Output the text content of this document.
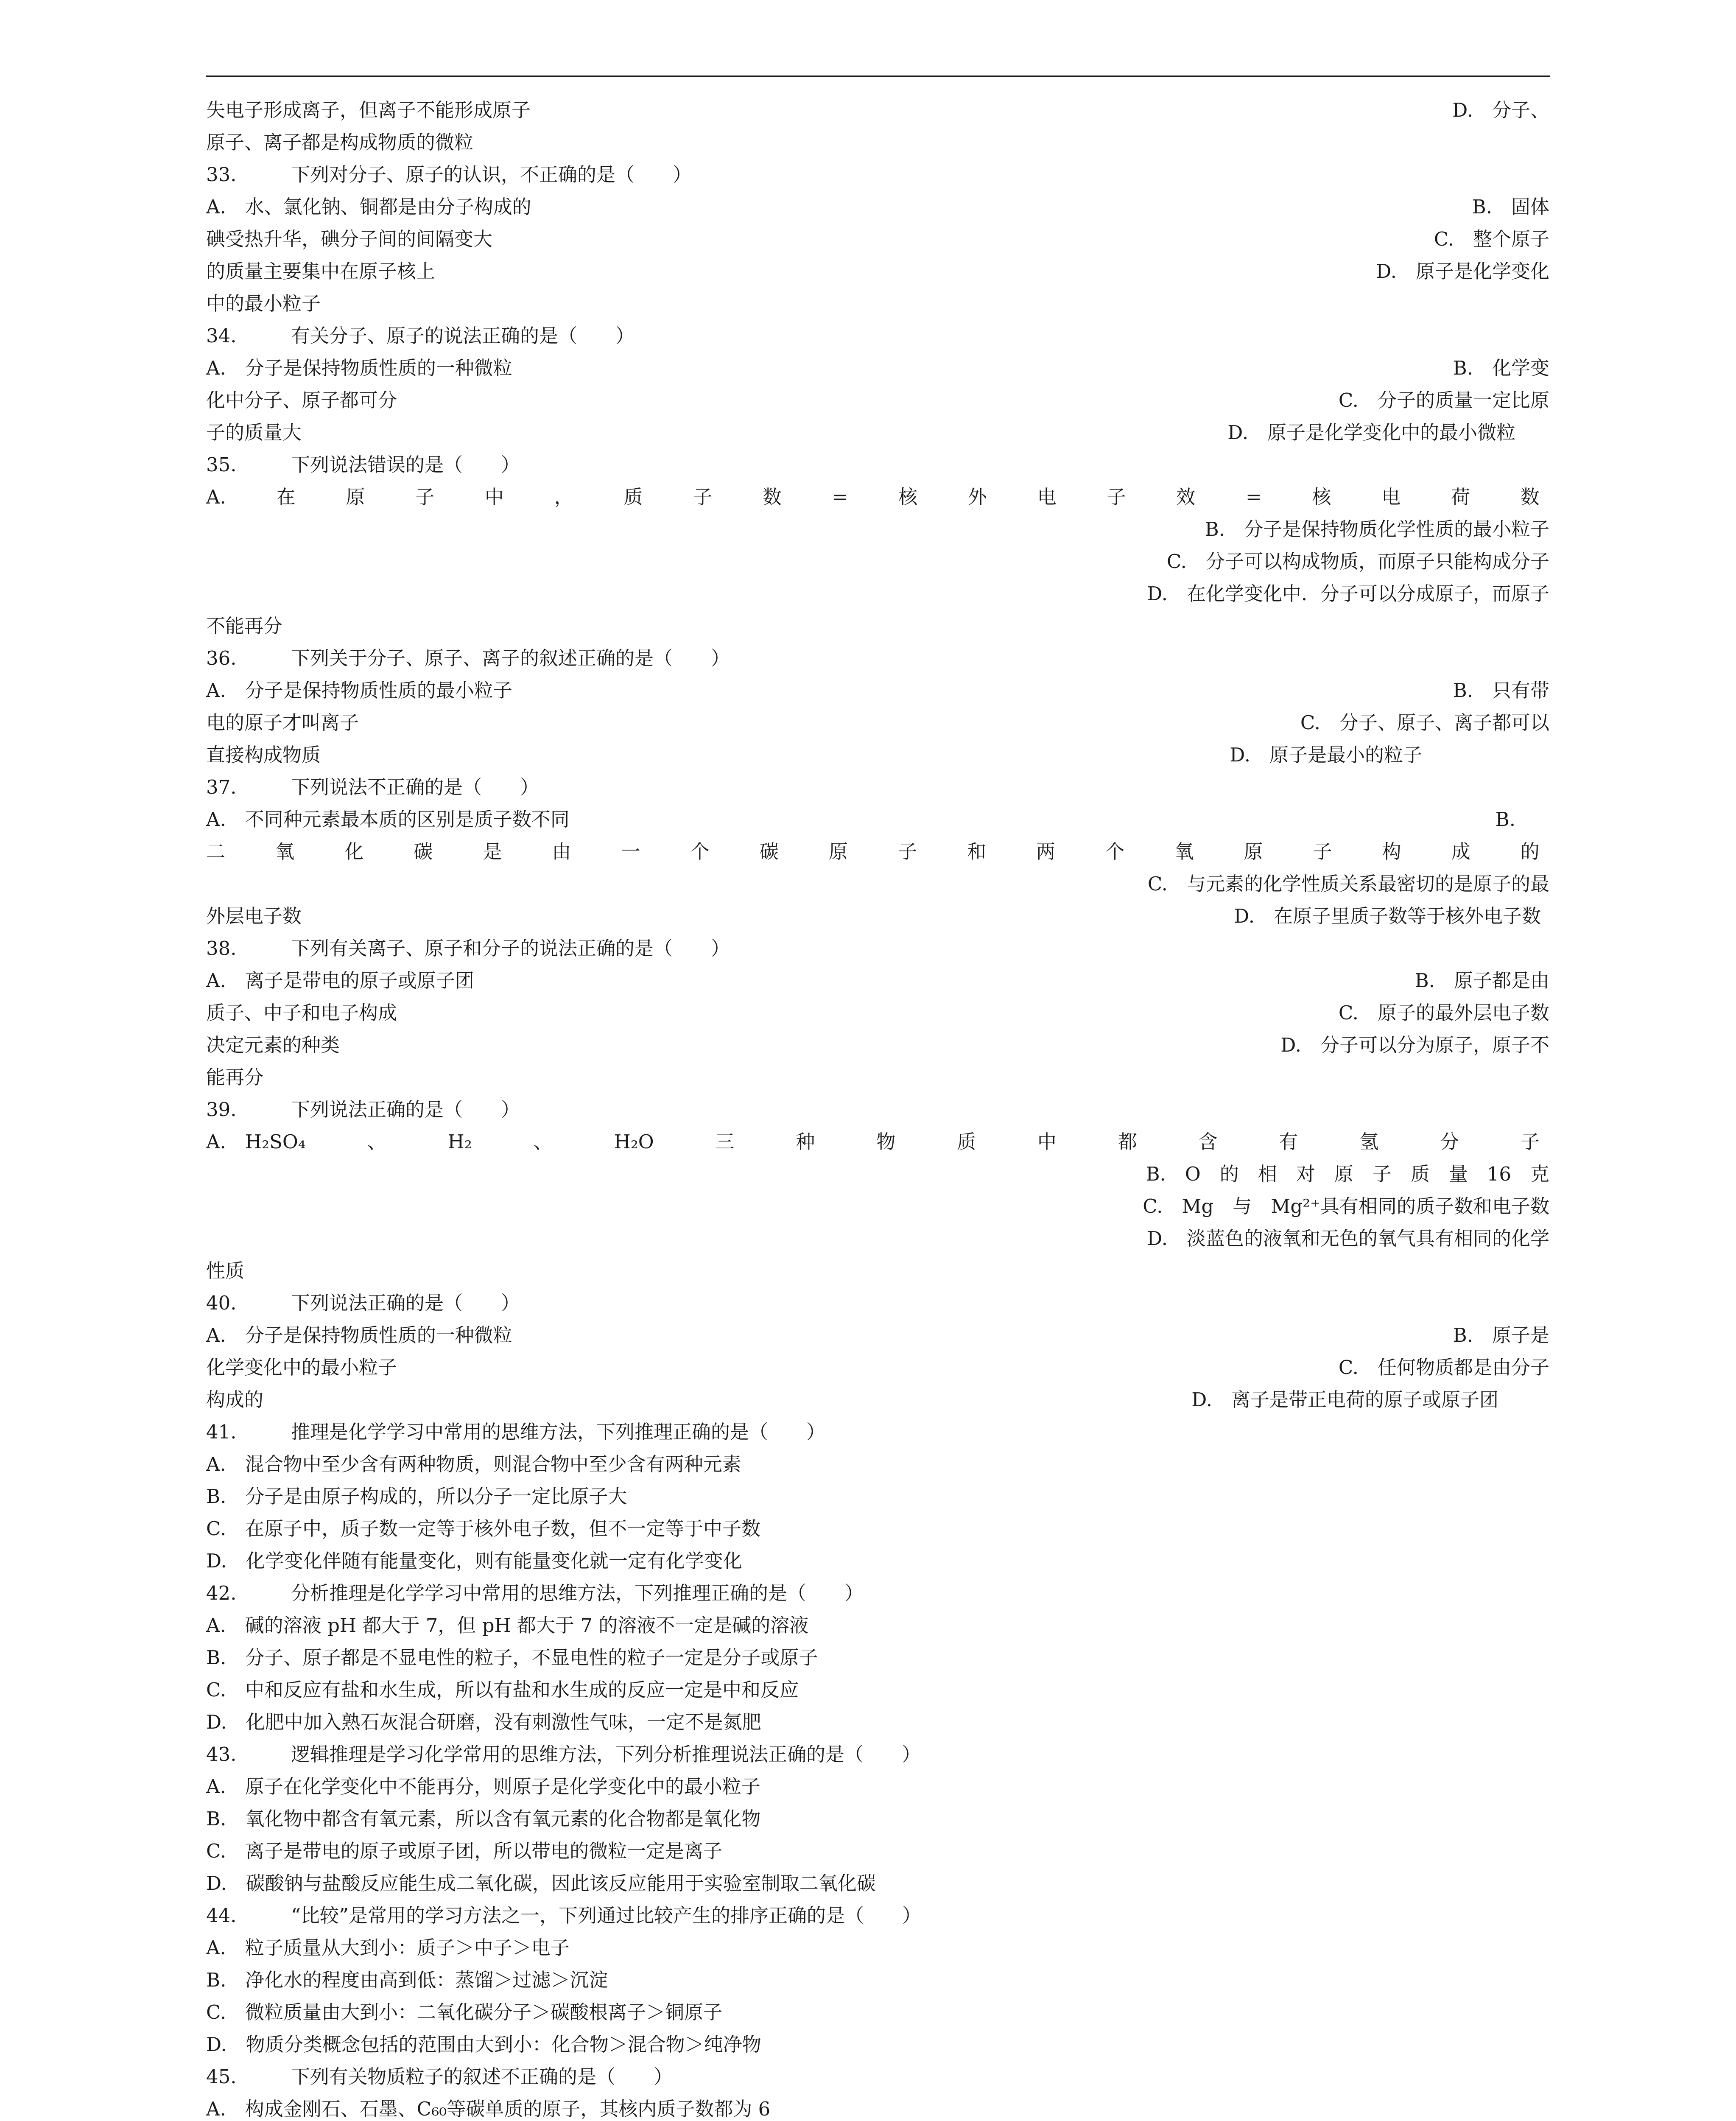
失电子形成离子，但离子不能形成原子	D.　分子、
原子、离子都是构成物质的微粒
33.	下列对分子、原子的认识，不正确的是（　　）
A.　水、氯化钠、铜都是由分子构成的	B.　固体
碘受热升华，碘分子间的间隔变大	C.　整个原子
的质量主要集中在原子核上	D.　原子是化学变化
中的最小粒子
34.	有关分子、原子的说法正确的是（　　）
A.　分子是保持物质性质的一种微粒	B.　化学变
化中分子、原子都可分	C.　分子的质量一定比原
子的质量大	D.　原子是化学变化中的最小微粒
35.	下列说法错误的是（　　）
A.	在	原	子	中	，	质	子	数	=	核	外	电	子	效	=	核	电	荷	数
B.　分子是保持物质化学性质的最小粒子
C.　分子可以构成物质，而原子只能构成分子
D.　在化学变化中．分子可以分成原子，而原子
不能再分
36.	下列关于分子、原子、离子的叙述正确的是（　　）
A.　分子是保持物质性质的最小粒子	B.　只有带
电的原子才叫离子	C.　分子、原子、离子都可以
直接构成物质	D.　原子是最小的粒子
37.	下列说法不正确的是（　　）
A.　不同种元素最本质的区别是质子数不同	B.
二	氧	化	碳	是	由	一	个	碳	原	子	和	两	个	氧	原	子	构	成	的
C.　与元素的化学性质关系最密切的是原子的最
外层电子数	D.　在原子里质子数等于核外电子数
38.	下列有关离子、原子和分子的说法正确的是（　　）
A.　离子是带电的原子或原子团	B.　原子都是由
质子、中子和电子构成	C.　原子的最外层电子数
决定元素的种类	D.　分子可以分为原子，原子不
能再分
39.	下列说法正确的是（　　）
A.　H₂SO₄	、	H₂	、	H₂O	三	种	物	质	中	都	含	有	氢	分	子
B.　O　的　相　对　原　子　质　量　16　克
C.　Mg　与　Mg²⁺具有相同的质子数和电子数
D.　淡蓝色的液氧和无色的氧气具有相同的化学
性质
40.	下列说法正确的是（　　）
A.　分子是保持物质性质的一种微粒	B.　原子是
化学变化中的最小粒子	C.　任何物质都是由分子
构成的	D.　离子是带正电荷的原子或原子团
41.	推理是化学学习中常用的思维方法，下列推理正确的是（　　）
A.　混合物中至少含有两种物质，则混合物中至少含有两种元素
B.　分子是由原子构成的，所以分子一定比原子大
C.　在原子中，质子数一定等于核外电子数，但不一定等于中子数
D.　化学变化伴随有能量变化，则有能量变化就一定有化学变化
42.	分析推理是化学学习中常用的思维方法，下列推理正确的是（　　）
A.　碱的溶液 pH 都大于 7，但 pH 都大于 7 的溶液不一定是碱的溶液
B.　分子、原子都是不显电性的粒子，不显电性的粒子一定是分子或原子
C.　中和反应有盐和水生成，所以有盐和水生成的反应一定是中和反应
D.　化肥中加入熟石灰混合研磨，没有刺激性气味，一定不是氮肥
43.	逻辑推理是学习化学常用的思维方法，下列分析推理说法正确的是（　　）
A.　原子在化学变化中不能再分，则原子是化学变化中的最小粒子
B.　氧化物中都含有氧元素，所以含有氧元素的化合物都是氧化物
C.　离子是带电的原子或原子团，所以带电的微粒一定是离子
D.　碳酸钠与盐酸反应能生成二氧化碳，因此该反应能用于实验室制取二氧化碳
44.	“比较”是常用的学习方法之一，下列通过比较产生的排序正确的是（　　）
A.　粒子质量从大到小：质子＞中子＞电子
B.　净化水的程度由高到低：蒸馏＞过滤＞沉淀
C.　微粒质量由大到小：二氧化碳分子＞碳酸根离子＞铜原子
D.　物质分类概念包括的范围由大到小：化合物＞混合物＞纯净物
45.	下列有关物质粒子的叙述不正确的是（　　）
A.　构成金刚石、石墨、C₆₀等碳单质的原子，其核内质子数都为 6
